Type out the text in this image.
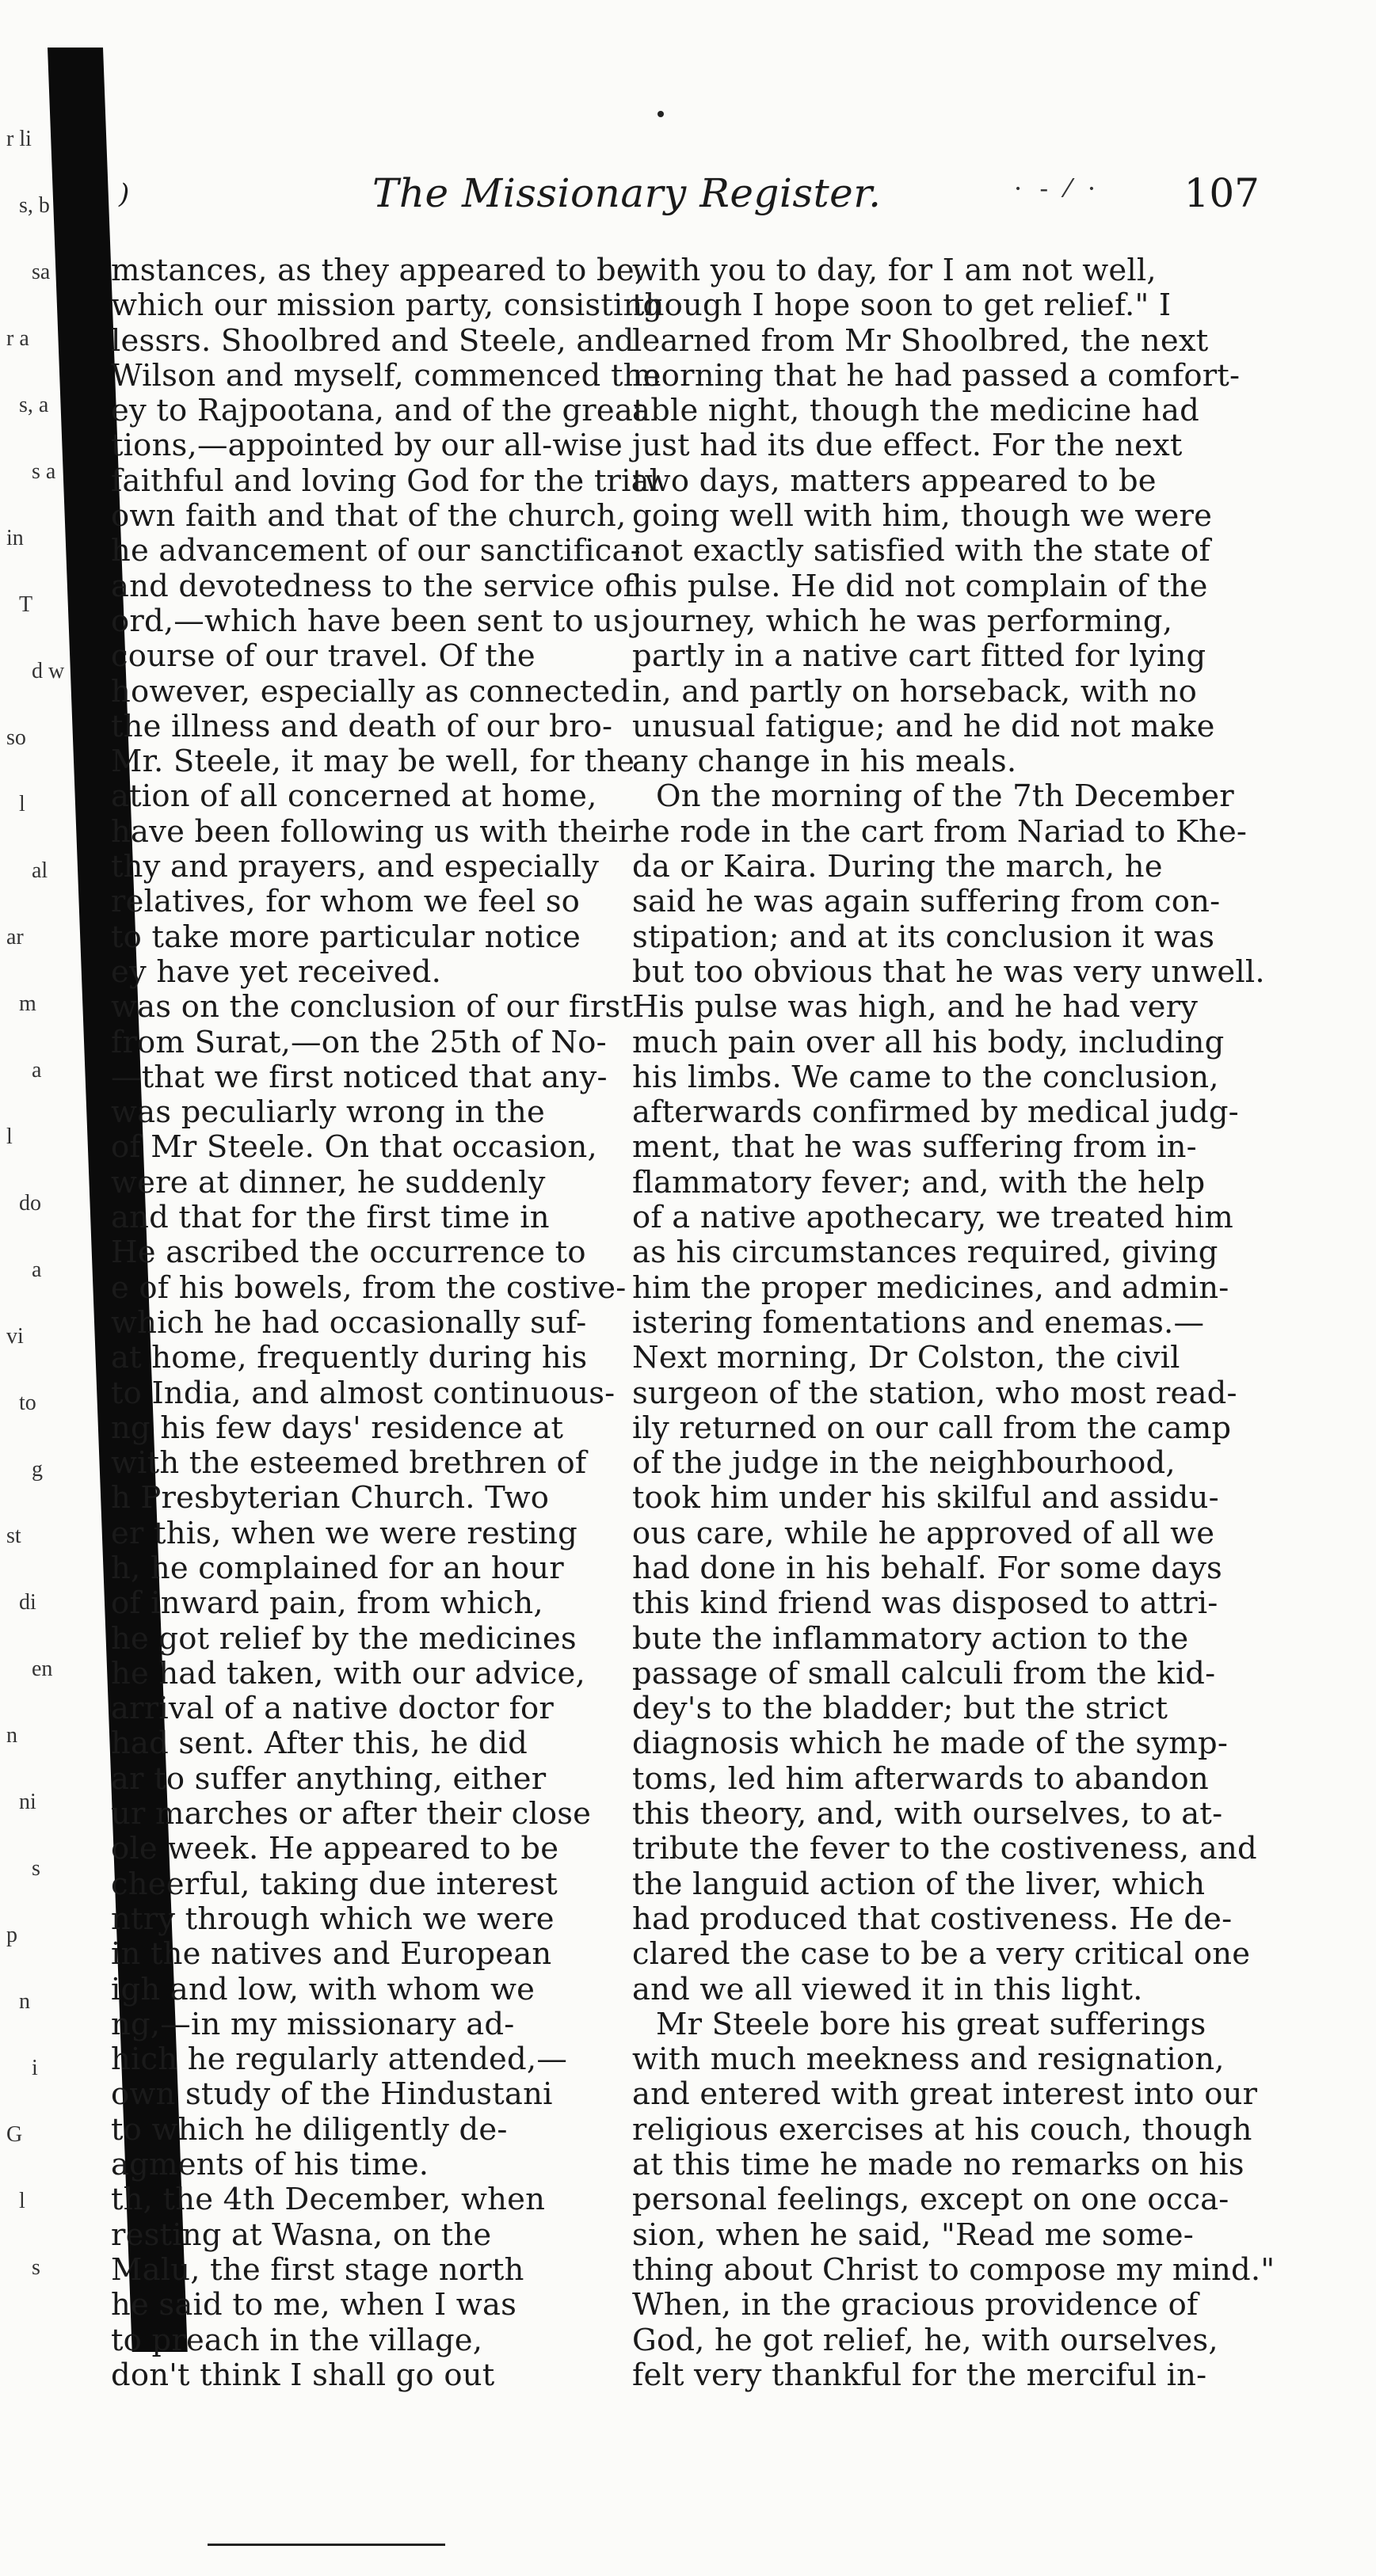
r li
s, b
sa
r a
s, a
s a
in
T
d w
so
l
al
ar
m
a
l
do
a
vi
to
g
st
di
en
n
ni
s
p
n
i
G
l
s
)	The Missionary Register.	· ‑ ⁄ · 107
mstances, as they appeared to be,
which our mission party, consisting
lessrs. Shoolbred and Steele, and
Wilson and myself, commenced the
ey to Rajpootana, and of the great
tions,—appointed by our all-wise
faithful and loving God for the trial
own faith and that of the church,
he advancement of our sanctifica-
and devotedness to the service of
ord,—which have been sent to us
course of our travel. Of the
however, especially as connected
the illness and death of our bro-
Mr. Steele, it may be well, for the
ation of all concerned at home,
have been following us with their
thy and prayers, and especially
relatives, for whom we feel so
to take more particular notice
ey have yet received.
was on the conclusion of our first
from Surat,—on the 25th of No-
—that we first noticed that any-
was peculiarly wrong in the
of Mr Steele. On that occasion,
were at dinner, he suddenly
and that for the first time in
He ascribed the occurrence to
e of his bowels, from the costive-
which he had occasionally suf-
at home, frequently during his
to India, and almost continuous-
ng his few days' residence at
with the esteemed brethren of
h Presbyterian Church. Two
er this, when we were resting
h, he complained for an hour
of inward pain, from which,
he got relief by the medicines
he had taken, with our advice,
arrival of a native doctor for
had sent. After this, he did
ar to suffer anything, either
ur marches or after their close
ole week. He appeared to be
cheerful, taking due interest
ntry through which we were
in the natives and European
igh and low, with whom we
ng,—in my missionary ad-
hich he regularly attended,—
own study of the Hindustani
to which he diligently de-
agments of his time.
th, the 4th December, when
resting at Wasna, on the
Malu, the first stage north
he said to me, when I was
to preach in the village,
don't think I shall go out
with you to day, for I am not well,
though I hope soon to get relief." I
learned from Mr Shoolbred, the next
morning that he had passed a comfort-
able night, though the medicine had
just had its due effect. For the next
two days, matters appeared to be
going well with him, though we were
not exactly satisfied with the state of
his pulse. He did not complain of the
journey, which he was performing,
partly in a native cart fitted for lying
in, and partly on horseback, with no
unusual fatigue; and he did not make
any change in his meals.
On the morning of the 7th December
he rode in the cart from Nariad to Khe-
da or Kaira. During the march, he
said he was again suffering from con-
stipation; and at its conclusion it was
but too obvious that he was very unwell.
His pulse was high, and he had very
much pain over all his body, including
his limbs. We came to the conclusion,
afterwards confirmed by medical judg-
ment, that he was suffering from in-
flammatory fever; and, with the help
of a native apothecary, we treated him
as his circumstances required, giving
him the proper medicines, and admin-
istering fomentations and enemas.—
Next morning, Dr Colston, the civil
surgeon of the station, who most read-
ily returned on our call from the camp
of the judge in the neighbourhood,
took him under his skilful and assidu-
ous care, while he approved of all we
had done in his behalf. For some days
this kind friend was disposed to attri-
bute the inflammatory action to the
passage of small calculi from the kid-
dey's to the bladder; but the strict
diagnosis which he made of the symp-
toms, led him afterwards to abandon
this theory, and, with ourselves, to at-
tribute the fever to the costiveness, and
the languid action of the liver, which
had produced that costiveness. He de-
clared the case to be a very critical one
and we all viewed it in this light.
Mr Steele bore his great sufferings
with much meekness and resignation,
and entered with great interest into our
religious exercises at his couch, though
at this time he made no remarks on his
personal feelings, except on one occa-
sion, when he said, "Read me some-
thing about Christ to compose my mind."
When, in the gracious providence of
God, he got relief, he, with ourselves,
felt very thankful for the merciful in-
